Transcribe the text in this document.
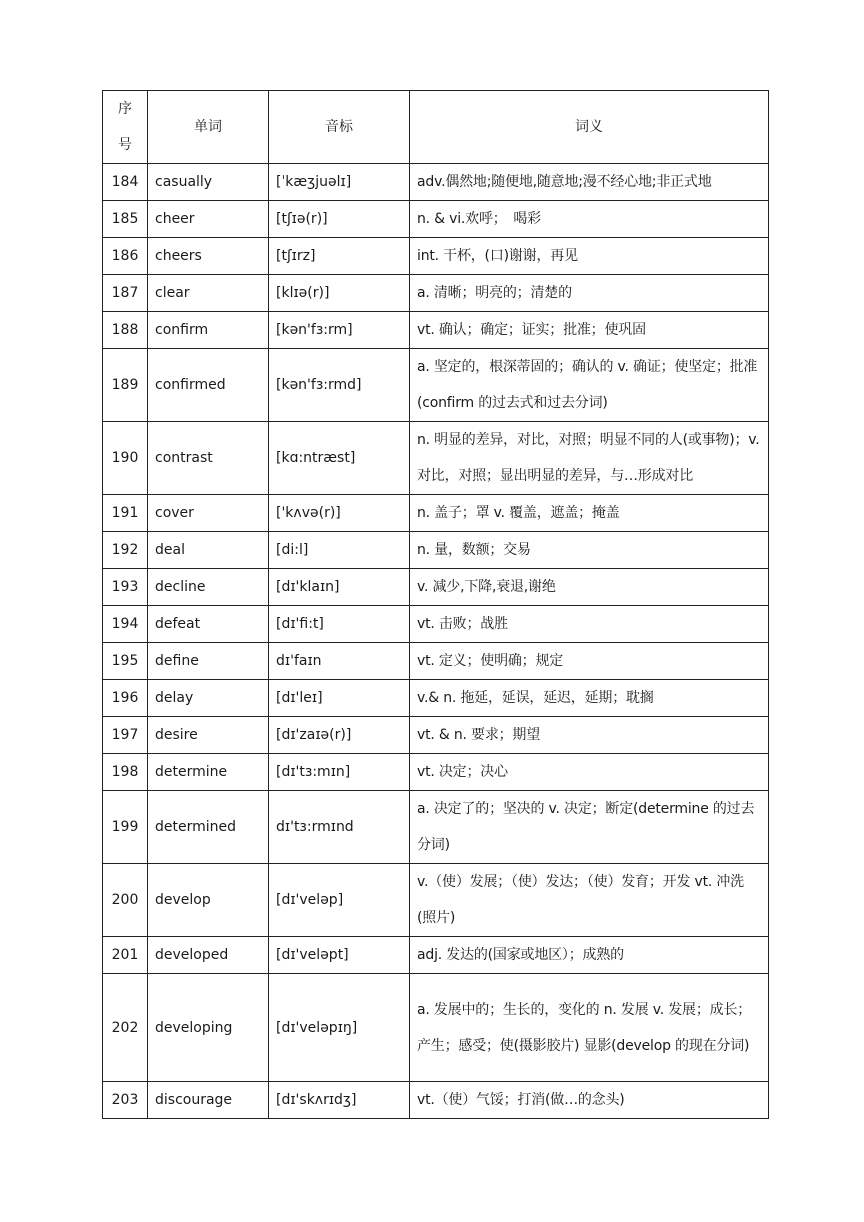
序号	单词	音标	词义
184	casually	[ˈkæʒjuəlɪ]	adv.偶然地;随便地,随意地;漫不经心地;非正式地
185	cheer	[tʃɪə(r)]	n. & vi.欢呼；　喝彩
186	cheers	[tʃɪrz]	int. 干杯，(口)谢谢，再见
187	clear	[klɪə(r)]	a. 清晰；明亮的；清楚的
188	confirm	[kən'fɜ:rm]	vt. 确认；确定；证实；批准；使巩固
189	confirmed	[kən'fɜ:rmd]	a. 坚定的，根深蒂固的；确认的 v. 确证；使坚定；批准(confirm 的过去式和过去分词)
190	contrast	[kɑ:ntræst]	n. 明显的差异，对比，对照；明显不同的人(或事物)；v. 对比，对照；显出明显的差异，与…形成对比
191	cover	['kʌvə(r)]	n. 盖子；罩 v. 覆盖，遮盖；掩盖
192	deal	[di:l]	n. 量，数额；交易
193	decline	[dɪ'klaɪn]	v. 减少,下降,衰退,谢绝
194	defeat	[dɪ'fi:t]	vt. 击败；战胜
195	define	dɪ'faɪn	vt. 定义；使明确；规定
196	delay	[dɪ'leɪ]	v.& n. 拖延，延误，延迟，延期；耽搁
197	desire	[dɪ'zaɪə(r)]	vt. & n. 要求；期望
198	determine	[dɪ'tɜ:mɪn]	vt. 决定；决心
199	determined	dɪ'tɜ:rmɪnd	a. 决定了的；坚决的 v. 决定；断定(determine 的过去分词)
200	develop	[dɪ'veləp]	v.（使）发展；（使）发达；（使）发育；开发 vt. 冲洗(照片)
201	developed	[dɪ'veləpt]	adj. 发达的(国家或地区）；成熟的
202	developing	[dɪ'veləpɪŋ]	a. 发展中的；生长的，变化的 n. 发展 v. 发展；成长；产生；感受；使(摄影胶片) 显影(develop 的现在分词)
203	discourage	[dɪ'skʌrɪdʒ]	vt.（使）气馁；打消(做…的念头)
